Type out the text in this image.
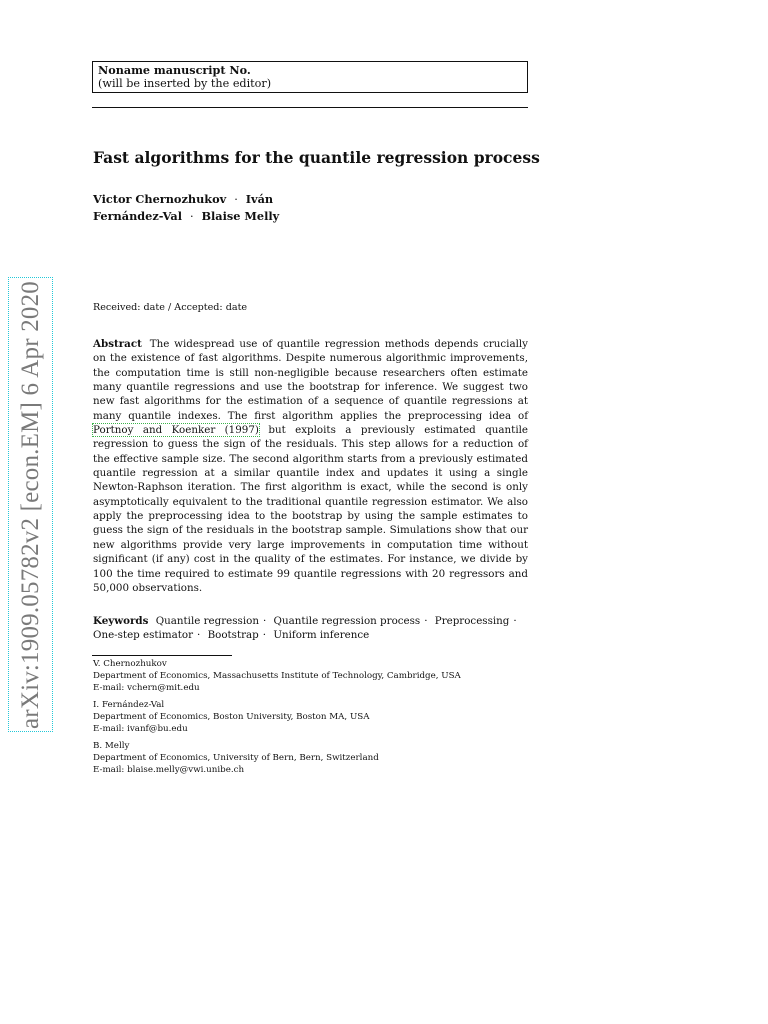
arXiv:1909.05782v2 [econ.EM] 6 Apr 2020
Noname manuscript No.
(will be inserted by the editor)
Fast algorithms for the quantile regression process
Victor Chernozhukov · Iván
Fernández-Val · Blaise Melly
Received: date / Accepted: date
Abstract The widespread use of quantile regression methods depends crucially on the existence of fast algorithms. Despite numerous algorithmic improvements, the computation time is still non-negligible because researchers often estimate many quantile regressions and use the bootstrap for inference. We suggest two new fast algorithms for the estimation of a sequence of quantile regressions at many quantile indexes. The first algorithm applies the preprocessing idea of Portnoy and Koenker (1997) but exploits a previously estimated quantile regression to guess the sign of the residuals. This step allows for a reduction of the effective sample size. The second algorithm starts from a previously estimated quantile regression at a similar quantile index and updates it using a single Newton-Raphson iteration. The first algorithm is exact, while the second is only asymptotically equivalent to the traditional quantile regression estimator. We also apply the preprocessing idea to the bootstrap by using the sample estimates to guess the sign of the residuals in the bootstrap sample. Simulations show that our new algorithms provide very large improvements in computation time without significant (if any) cost in the quality of the estimates. For instance, we divide by 100 the time required to estimate 99 quantile regressions with 20 regressors and 50,000 observations.
Keywords Quantile regression · Quantile regression process · Preprocessing · One-step estimator · Bootstrap · Uniform inference
V. Chernozhukov
Department of Economics, Massachusetts Institute of Technology, Cambridge, USA
E-mail: vchern@mit.edu
I. Fernández-Val
Department of Economics, Boston University, Boston MA, USA
E-mail: ivanf@bu.edu
B. Melly
Department of Economics, University of Bern, Bern, Switzerland
E-mail: blaise.melly@vwi.unibe.ch
